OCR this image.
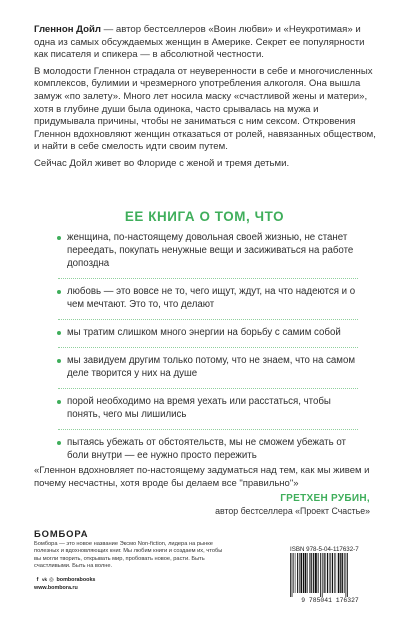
Гленнон Дойл — автор бестселлеров «Воин любви» и «Неукротимая» и одна из самых обсуждаемых женщин в Америке. Секрет ее популярности как писателя и спикера — в абсолютной честности.

В молодости Гленнон страдала от неуверенности в себе и многочисленных комплексов, булимии и чрезмерного употребления алкоголя. Она вышла замуж «по залету». Много лет носила маску «счастливой жены и матери», хотя в глубине души была одинока, часто срывалась на мужа и придумывала причины, чтобы не заниматься с ним сексом. Откровения Гленнон вдохновляют женщин отказаться от ролей, навязанных обществом, и найти в себе смелость идти своим путем.

Сейчас Дойл живет во Флориде с женой и тремя детьми.

ЕЕ КНИГА О ТОМ, ЧТО
женщина, по-настоящему довольная своей жизнью, не станет переедать, покупать ненужные вещи и засиживаться на работе допоздна
любовь — это вовсе не то, чего ищут, ждут, на что надеются и о чем мечтают. Это то, что делают
мы тратим слишком много энергии на борьбу с самим собой
мы завидуем другим только потому, что не знаем, что на самом деле творится у них на душе
порой необходимо на время уехать или расстаться, чтобы понять, чего мы лишились
пытаясь убежать от обстоятельств, мы не сможем убежать от боли внутри — ее нужно просто пережить
«Гленнон вдохновляет по-настоящему задуматься над тем, как мы живем и почему несчастны, хотя вроде бы делаем все "правильно"»
ГРЕТХЕН РУБИН,
автор бестселлера «Проект Счастье»
БОМБОРА
Бомбора — это новое название Эксмо Non-fiction, лидера на рынке полезных и вдохновляющих книг. Мы любим книги и создаем их, чтобы вы могли творить, открывать мир, пробовать новое, расти. Быть счастливыми. Быть на волне.
f vk ◎ bomborabooks
www.bombora.ru
ISBN 978-5-04-117632-7
9 785041 176327
